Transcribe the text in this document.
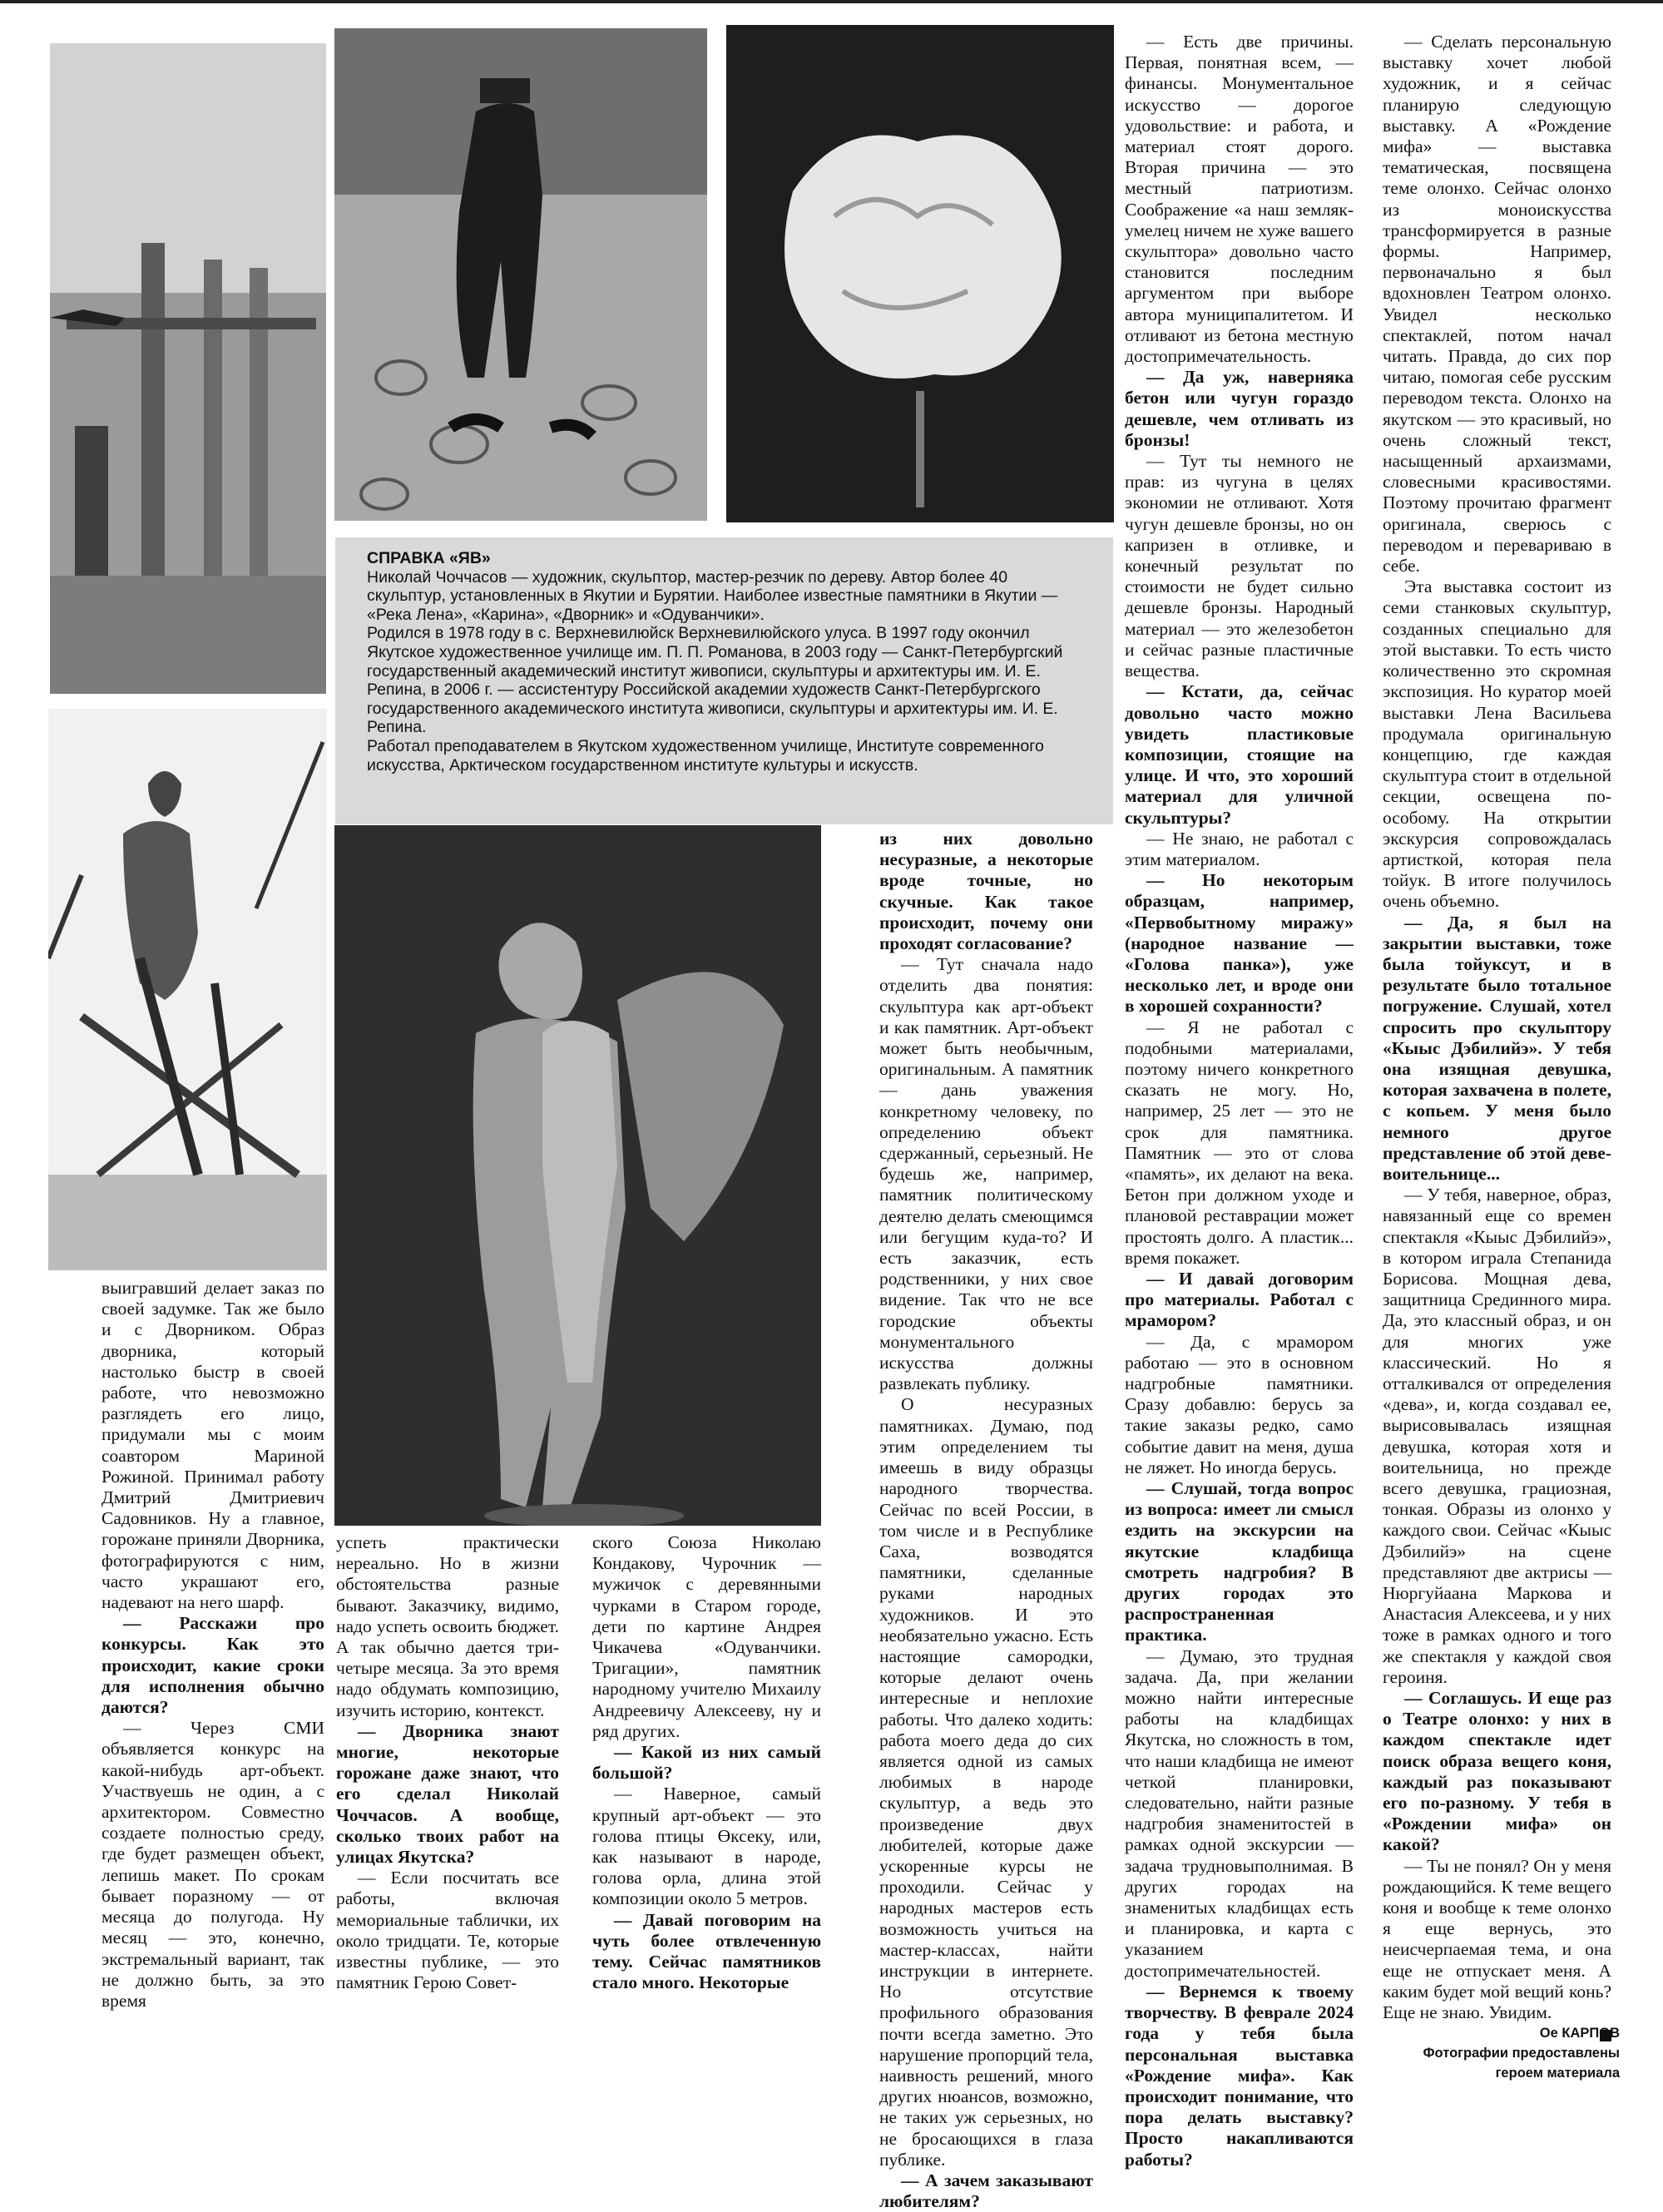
СПРАВКА «ЯВ»

Николай Чоччасов — художник, скульптор, мастер-резчик по дереву. Автор более 40 скульптур, установленных в Якутии и Бурятии. Наиболее известные памятники в Якутии — «Река Лена», «Карина», «Дворник» и «Одуванчики».

Родился в 1978 году в с. Верхневилюйск Верхневилюйского улуса. В 1997 году окончил Якутское художественное училище им. П. П. Романова, в 2003 году — Санкт-Петербургский государственный академический институт живописи, скульптуры и архитектуры им. И. Е. Репина, в 2006 г. — ассистентуру Российской академии художеств Санкт-Петербургского государственного академического института живописи, скульптуры и архитектуры им. И. Е. Репина.

Работал преподавателем в Якутском художественном училище, Институте современного искусства, Арктическом государственном институте культуры и искусств.

выигравший делает заказ по своей задумке. Так же было и с Дворником. Образ дворника, который настолько быстр в своей работе, что невозможно разглядеть его лицо, придумали мы с моим соавтором Мариной Рожиной. Принимал работу Дмитрий Дмитриевич Садовников. Ну а главное, горожане приняли Дворника, фотографируются с ним, часто украшают его, надевают на него шарф.

— Расскажи про конкурсы. Как это происходит, какие сроки для исполнения обычно даются?

— Через СМИ объявляется конкурс на какой-нибудь арт-объект. Участвуешь не один, а с архитектором. Совместно создаете полностью среду, где будет размещен объект, лепишь макет. По срокам бывает поразному — от месяца до полугода. Ну месяц — это, конечно, экстремальный вариант, так не должно быть, за это время

успеть практически нереально. Но в жизни обстоятельства разные бывают. Заказчику, видимо, надо успеть освоить бюджет. А так обычно дается три-четыре месяца. За это время надо обдумать композицию, изучить историю, контекст.

— Дворника знают многие, некоторые горожане даже знают, что его сделал Николай Чоччасов. А вообще, сколько твоих работ на улицах Якутска?

— Если посчитать все работы, включая мемориальные таблички, их около тридцати. Те, которые известны публике, — это памятник Герою Совет-

ского Союза Николаю Кондакову, Чурочник — мужичок с деревянными чурками в Старом городе, дети по картине Андрея Чикачева «Одуванчики. Тригации», памятник народному учителю Михаилу Андреевичу Алексееву, ну и ряд других.

— Какой из них самый большой?

— Наверное, самый крупный арт-объект — это голова птицы Өксеку, или, как называют в народе, голова орла, длина этой композиции около 5 метров.

— Давай поговорим на чуть более отвлеченную тему. Сейчас памятников стало много. Некоторые

из них довольно несуразные, а некоторые вроде точные, но скучные. Как такое происходит, почему они проходят согласование?

— Тут сначала надо отделить два понятия: скульптура как арт-объект и как памятник. Арт-объект может быть необычным, оригинальным. А памятник — дань уважения конкретному человеку, по определению объект сдержанный, серьезный. Не будешь же, например, памятник политическому деятелю делать смеющимся или бегущим куда-то? И есть заказчик, есть родственники, у них свое видение. Так что не все городские объекты монументального искусства должны развлекать публику.

О несуразных памятниках. Думаю, под этим определением ты имеешь в виду образцы народного творчества. Сейчас по всей России, в том числе и в Республике Саха, возводятся памятники, сделанные руками народных художников. И это необязательно ужасно. Есть настоящие самородки, которые делают очень интересные и неплохие работы. Что далеко ходить: работа моего деда до сих является одной из самых любимых в народе скульптур, а ведь это произведение двух любителей, которые даже ускоренные курсы не проходили. Сейчас у народных мастеров есть возможность учиться на мастер-классах, найти инструкции в интернете. Но отсутствие профильного образования почти всегда заметно. Это нарушение пропорций тела, наивность решений, много других нюансов, возможно, не таких уж серьезных, но не бросающихся в глаза публике.

— А зачем заказывают любителям?

— Есть две причины. Первая, понятная всем, — финансы. Монументальное искусство — дорогое удовольствие: и работа, и материал стоят дорого. Вторая причина — это местный патриотизм. Соображение «а наш земляк-умелец ничем не хуже вашего скульптора» довольно часто становится последним аргументом при выборе автора муниципалитетом. И отливают из бетона местную достопримечательность.

— Да уж, наверняка бетон или чугун гораздо дешевле, чем отливать из бронзы!

— Тут ты немного не прав: из чугуна в целях экономии не отливают. Хотя чугун дешевле бронзы, но он капризен в отливке, и конечный результат по стоимости не будет сильно дешевле бронзы. Народный материал — это железобетон и сейчас разные пластичные вещества.

— Кстати, да, сейчас довольно часто можно увидеть пластиковые композиции, стоящие на улице. И что, это хороший материал для уличной скульптуры?

— Не знаю, не работал с этим материалом.

— Но некоторым образцам, например, «Первобытному миражу» (народное название — «Голова панка»), уже несколько лет, и вроде они в хорошей сохранности?

— Я не работал с подобными материалами, поэтому ничего конкретного сказать не могу. Но, например, 25 лет — это не срок для памятника. Памятник — это от слова «память», их делают на века. Бетон при должном уходе и плановой реставрации может простоять долго. А пластик... время покажет.

— И давай договорим про материалы. Работал с мрамором?

— Да, с мрамором работаю — это в основном надгробные памятники. Сразу добавлю: берусь за такие заказы редко, само событие давит на меня, душа не ляжет. Но иногда берусь.

— Слушай, тогда вопрос из вопроса: имеет ли смысл ездить на экскурсии на якутские кладбища смотреть надгробия? В других городах это распространенная практика.

— Думаю, это трудная задача. Да, при желании можно найти интересные работы на кладбищах Якутска, но сложность в том, что наши кладбища не имеют четкой планировки, следовательно, найти разные надгробия знаменитостей в рамках одной экскурсии — задача трудновыполнимая. В других городах на знаменитых кладбищах есть и планировка, и карта с указанием достопримечательностей.

— Вернемся к твоему творчеству. В феврале 2024 года у тебя была персональная выставка «Рождение мифа». Как происходит понимание, что пора делать выставку? Просто накапливаются работы?

— Сделать персональную выставку хочет любой художник, и я сейчас планирую следующую выставку. А «Рождение мифа» — выставка тематическая, посвящена теме олонхо. Сейчас олонхо из моноискусства трансформируется в разные формы. Например, первоначально я был вдохновлен Театром олонхо. Увидел несколько спектаклей, потом начал читать. Правда, до сих пор читаю, помогая себе русским переводом текста. Олонхо на якутском — это красивый, но очень сложный текст, насыщенный архаизмами, словесными красивостями. Поэтому прочитаю фрагмент оригинала, сверюсь с переводом и перевариваю в себе.

Эта выставка состоит из семи станковых скульптур, созданных специально для этой выставки. То есть чисто количественно это скромная экспозиция. Но куратор моей выставки Лена Васильева продумала оригинальную концепцию, где каждая скульптура стоит в отдельной секции, освещена по-особому. На открытии экскурсия сопровождалась артисткой, которая пела тойук. В итоге получилось очень объемно.

— Да, я был на закрытии выставки, тоже была тойуксут, и в результате было тотальное погружение. Слушай, хотел спросить про скульптору «Кыыс Дэбилийэ». У тебя она изящная девушка, которая захвачена в полете, с копьем. У меня было немного другое представление об этой девe-воительнице...

— У тебя, наверное, образ, навязанный еще со времен спектакля «Кыыс Дэбилийэ», в котором играла Степанида Борисова. Мощная дева, защитница Срединного мира. Да, это классный образ, и он для многих уже классический. Но я отталкивался от определения «дева», и, когда создавал ее, вырисовывалась изящная девушка, которая хотя и воительница, но прежде всего девушка, грациозная, тонкая. Образы из олонхо у каждого свои. Сейчас «Кыыс Дэбилийэ» на сцене представляют две актрисы — Нюргуйаана Маркова и Анастасия Алексеева, и у них тоже в рамках одного и того же спектакля у каждой своя героиня.

— Соглашусь. И еще раз о Театре олонхо: у них в каждом спектакле идет поиск образа вещего коня, каждый раз показывают его по-разному. У тебя в «Рождении мифа» он какой?

— Ты не понял? Он у меня рождающийся. К теме вещего коня и вообще к теме олонхо я еще вернусь, это неисчерпаемая тема, и она еще не отпускает меня. А каким будет мой вещий конь? Еще не знаю. Увидим.

Ое КАРПОВ
Фотографии предоставлены
героем материала
